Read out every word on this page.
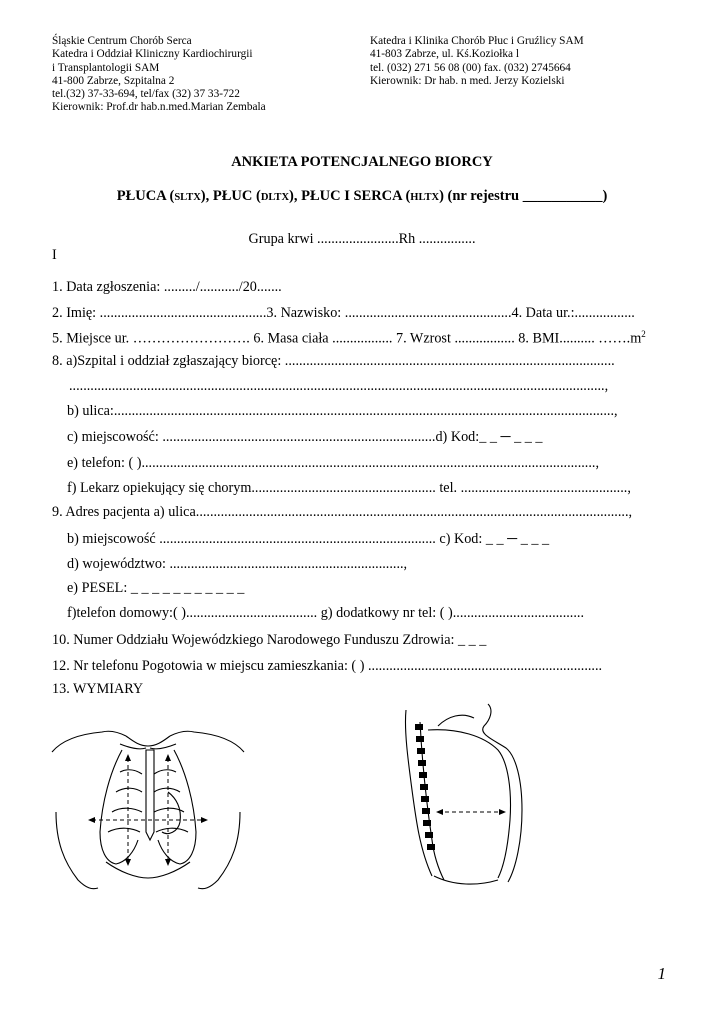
Śląskie Centrum Chorób Serca
Katedra i Oddział Kliniczny Kardiochirurgii
i Transplantologii SAM
41-800 Zabrze, Szpitalna 2
tel.(32) 37-33-694, tel/fax (32) 37 33-722
Kierownik: Prof.dr hab.n.med.Marian Zembala
Katedra i Klinika Chorób Płuc i Gruźlicy SAM
41-803 Zabrze, ul. Kś.Koziołka l
tel. (032) 271 56 08 (00) fax. (032) 2745664
Kierownik: Dr hab. n med. Jerzy Kozielski
ANKIETA POTENCJALNEGO BIORCY
PŁUCA (SLTX), PŁUC (DLTX), PŁUC I SERCA (HLTX) (nr rejestru ___________)
Grupa krwi .......................Rh ................
I
1. Data zgłoszenia: ........./.........../20.......
2. Imię: ...............................................3. Nazwisko: ...............................................4. Data ur.:.................
5. Miejsce ur. ……………………. 6. Masa ciała ................. 7. Wzrost ................. 8. BMI.......... $\dots\dots.m^2$
8. a)Szpital i oddział zgłaszający biorcę: .............................................................................................
.......................................................................................................................................................,
b) ulica:.............................................................................................................................................,
c) miejscowość: .............................................................................d) Kod:_ _ ─ _ _ _
e) telefon: ( )................................................................................................................................,
f) Lekarz opiekujący się chorym.................................................... tel. ...............................................,
9. Adres pacjenta a) ulica..........................................................................................................................,
b) miejscowość .............................................................................. c) Kod: _ _ ─ _ _ _
d) województwo: ..................................................................,
e) PESEL: _ _ _ _ _ _ _ _ _ _ _
f)telefon domowy:( )..................................... g) dodatkowy nr tel: ( ).....................................
10. Numer Oddziału Wojewódzkiego Narodowego Funduszu Zdrowia: _ _ _
12. Nr telefonu Pogotowia w miejscu zamieszkania: ( ) ..................................................................
13. WYMIARY
1
